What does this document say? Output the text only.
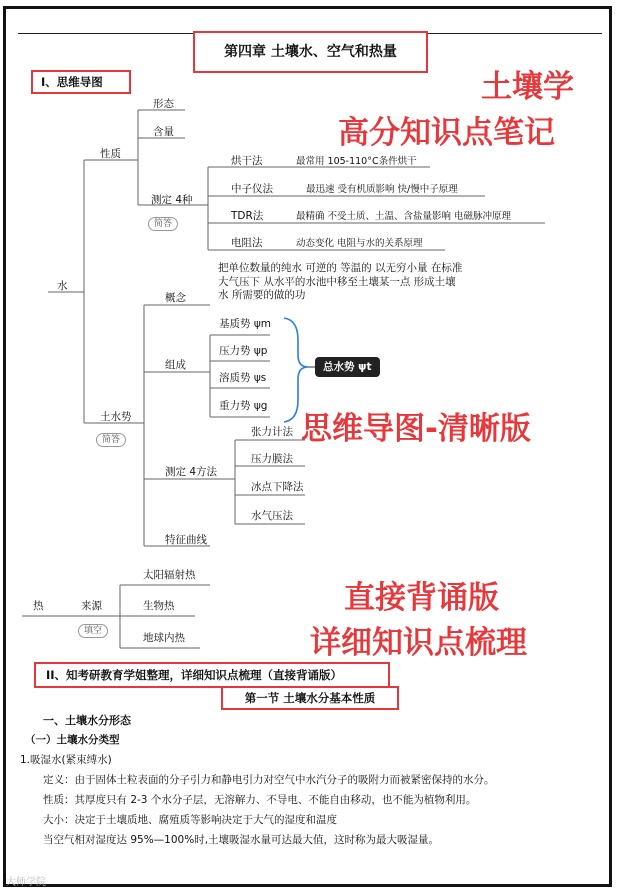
第四章 土壤水、空气和热量
I、思维导图	土壤学
高分知识点笔记
水
性质
形态
含量
测定 4种
简答
烘干法	最常用 105-110°C条件烘干
中子仪法	最迅速 受有机质影响 快/慢中子原理
TDR法	最精确 不受土质、土温、含盐量影响 电磁脉冲原理
电阻法	动态变化 电阻与水的关系原理
概念
把单位数量的纯水 可逆的 等温的 以无穷小量 在标准大气压下 从水平的水池中移至土壤某一点 形成土壤水 所需要的做的功
土水势
简答
组成
基质势 ψm
压力势 ψp
溶质势 ψs
重力势 ψg
总水势 ψt
测定 4方法
张力计法
压力膜法
冰点下降法
水气压法
特征曲线
思维导图-清晰版
热	来源
填空
太阳辐射热
生物热
地球内热
直接背诵版
详细知识点梳理
II、知考研教育学姐整理，详细知识点梳理（直接背诵版）
第一节 土壤水分基本性质
一、土壤水分形态
（一）土壤水分类型
1.吸湿水(紧束缚水)
定义：由于固体土粒表面的分子引力和静电引力对空气中水汽分子的吸附力而被紧密保持的水分。
性质：其厚度只有 2-3 个水分子层，无溶解力、不导电、不能自由移动，也不能为植物利用。
大小：决定于土壤质地、腐殖质等影响决定于大气的湿度和温度
当空气相对湿度达 95%—100%时,土壤吸湿水量可达最大值，这时称为最大吸湿量。
大师学院
